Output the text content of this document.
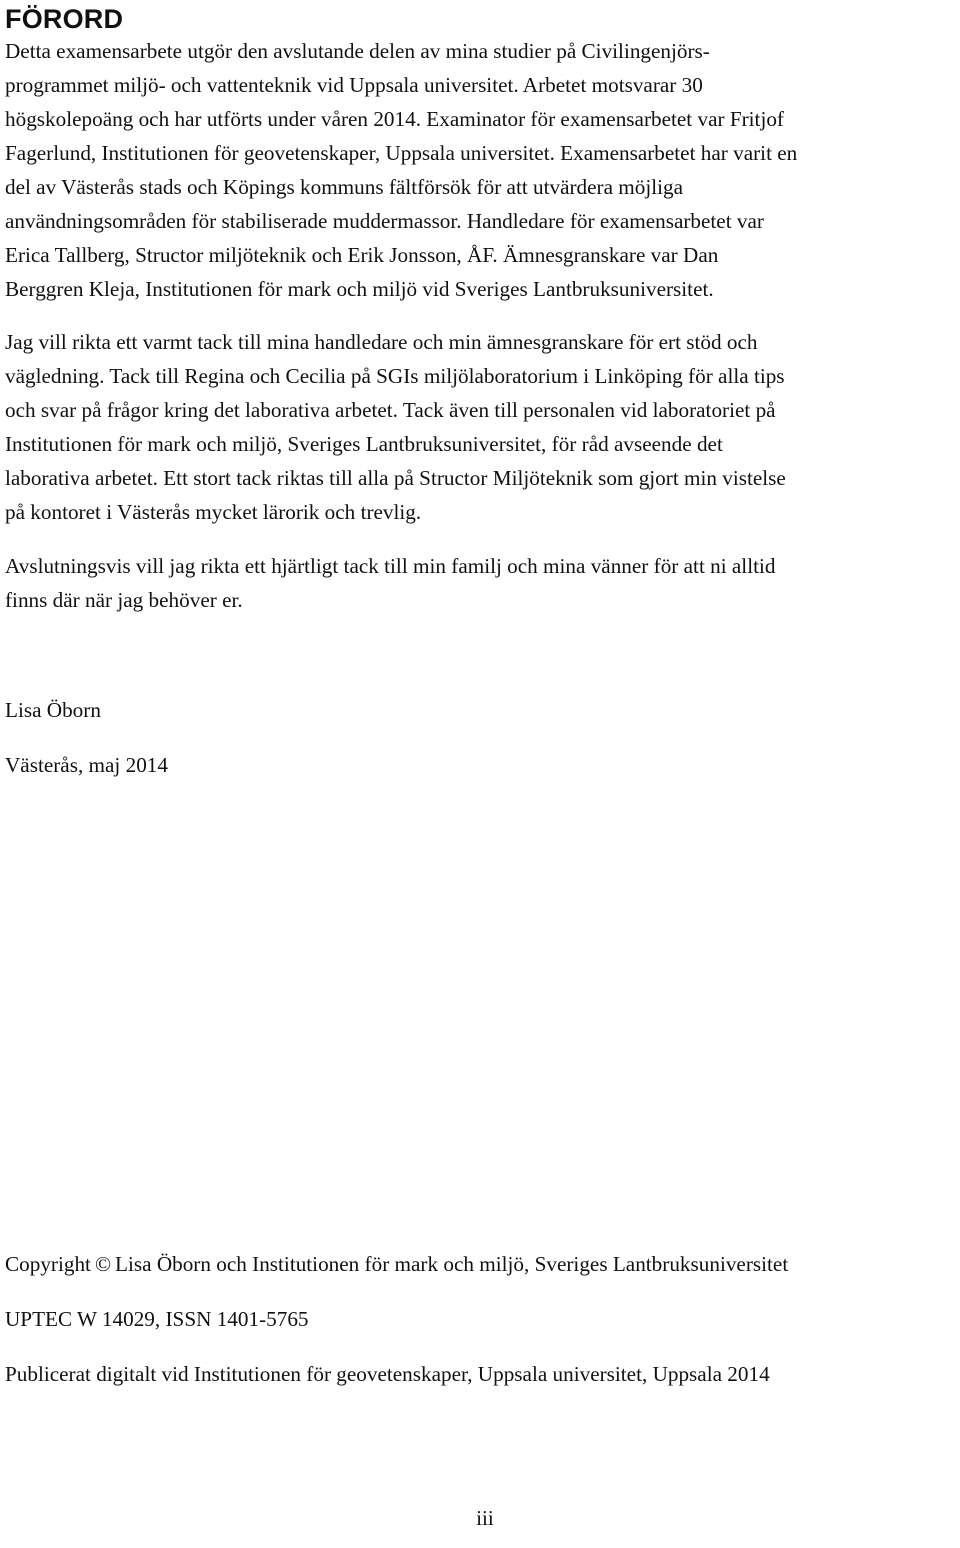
FÖRORD

Detta examensarbete utgör den avslutande delen av mina studier på Civilingenjörs-
programmet miljö- och vattenteknik vid Uppsala universitet. Arbetet motsvarar 30
högskolepoäng och har utförts under våren 2014. Examinator för examensarbetet var Fritjof
Fagerlund, Institutionen för geovetenskaper, Uppsala universitet. Examensarbetet har varit en
del av Västerås stads och Köpings kommuns fältförsök för att utvärdera möjliga
användningsområden för stabiliserade muddermassor. Handledare för examensarbetet var
Erica Tallberg, Structor miljöteknik och Erik Jonsson, ÅF. Ämnesgranskare var Dan
Berggren Kleja, Institutionen för mark och miljö vid Sveriges Lantbruksuniversitet.

Jag vill rikta ett varmt tack till mina handledare och min ämnesgranskare för ert stöd och
vägledning. Tack till Regina och Cecilia på SGIs miljölaboratorium i Linköping för alla tips
och svar på frågor kring det laborativa arbetet. Tack även till personalen vid laboratoriet på
Institutionen för mark och miljö, Sveriges Lantbruksuniversitet, för råd avseende det
laborativa arbetet. Ett stort tack riktas till alla på Structor Miljöteknik som gjort min vistelse
på kontoret i Västerås mycket lärorik och trevlig.

Avslutningsvis vill jag rikta ett hjärtligt tack till min familj och mina vänner för att ni alltid
finns där när jag behöver er.

Lisa Öborn

Västerås, maj 2014

Copyright © Lisa Öborn och Institutionen för mark och miljö, Sveriges Lantbruksuniversitet

UPTEC W 14029, ISSN 1401-5765

Publicerat digitalt vid Institutionen för geovetenskaper, Uppsala universitet, Uppsala 2014

iii
